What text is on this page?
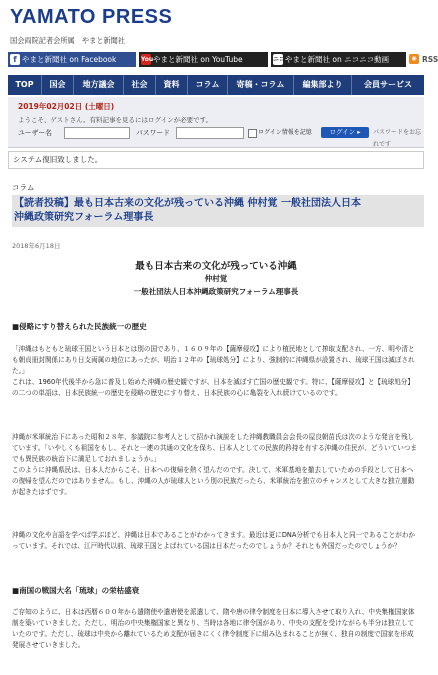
YAMATO PRESS
国会両院記者会所属　やまと新聞社
f やまと新聞社 on Facebook	You やまと新聞社 on YouTube	ニコ やまと新聞社 on ニコニコ動画	◉ RSS
TOP	国会	地方議会	社会	資料	コラム	寄稿・コラム	編集部より	会員サービス
2019年02月02日 (土曜日)
ようこそ、ゲストさん。有料記事を見るにはログインが必要です。
ユーザー名	パスワード	ログイン情報を記憶	ログイン ▸	パスワードをお忘れです
システム復旧致しました。
コラム
【読者投稿】最も日本古来の文化が残っている沖縄 仲村覚 一般社団法人日本
沖縄政策研究フォーラム理事長
2018年6月18日
最も日本古来の文化が残っている沖縄
仲村覚
一般社団法人日本沖縄政策研究フォーラム理事長
■侵略にすり替えられた民族統一の歴史
「沖縄はもともと琉球王国という日本とは別の国であり、１６０９年の【薩摩侵攻】により植民地として搾取支配され、一方、明や清とも朝貢冊封関係にあり日支両属の地位にあったが、明治１２年の【琉球処分】により、強制的に沖縄県が設置され、琉球王国は滅ぼされた。」
これは、1960年代後半から急に普及し始めた沖縄の歴史観ですが、日本を滅ぼす亡国の歴史観です。特に、【薩摩侵攻】と【琉球処分】の二つの単語は、日本民族統一の歴史を侵略の歴史にすり替え、日本民族の心に亀裂を入れ続けているのです。
沖縄が米軍統治下にあった昭和２８年、参議院に参考人として招かれ演説をした沖縄教職員会会長の屋良朝苗氏は次のような発言を残しています。「いやしくも祖国をもし、それと一連の共通の文化を保ち、日本人としての民族的矜持を有する沖縄の住民が、どういていつまでも異民族の統治下に満足しておれましょうか。」
このように沖縄県民は、日本人だからこそ、日本への復帰を熱く望んだのです。決して、米軍基地を撤去していための手段として日本への復帰を望んだのではありません。もし、沖縄の人が琉球人という別の民族だったら、米軍統治を独立のチャンスとして大きな独立運動が起きたはずです。
沖縄の文化や言語を学べば学ぶほど、沖縄は日本であることがわかってきます。最近は更にDNA分析でも日本人と同一であることがわかっています。それでは、江戸時代以前、琉球王国とよばれている国は日本だったのでしょうか？それとも外国だったのでしょうか？
■南国の戦国大名「琉球」の栄枯盛衰
ご存知のように、日本は西暦６００年から遣隋使や遣唐使を派遣して、隋や唐の律令制度を日本に導入させて取り入れ、中央集権国家体制を築いていきました。ただし、明治の中央集権国家と異なり、当時は各地に律令国があり、中央の支配を受けながらも半分は独立していたのです。ただし、琉球は中央から離れているため支配が届きにくく律令制度下に組み込まれることが無く、独自の制度で国家を形成発展させていきました。
